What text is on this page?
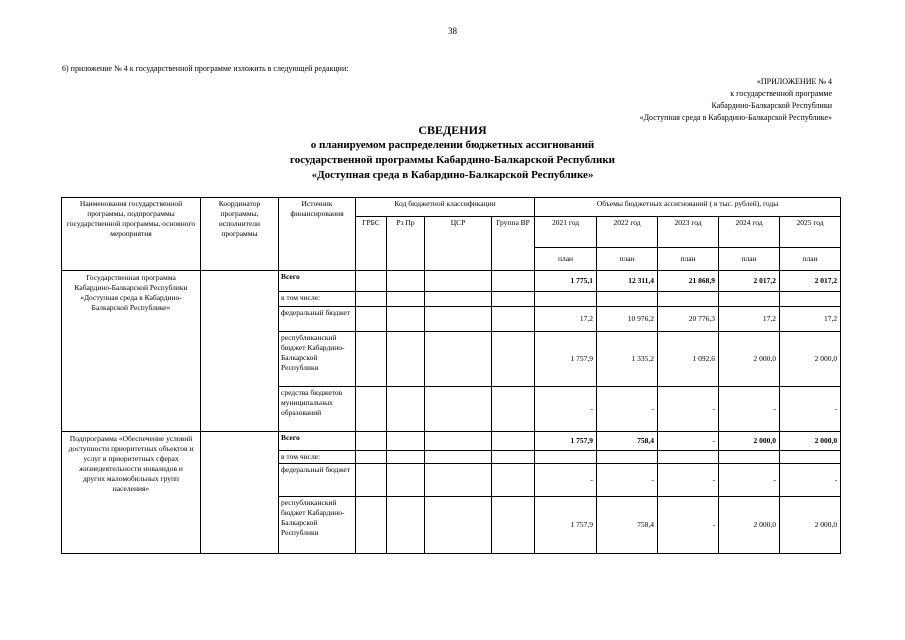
38
6) приложение № 4 к государственной программе изложить в следующей редакции:
«ПРИЛОЖЕНИЕ № 4
к государственной программе
Кабардино-Балкарской Республики
«Доступная среда в Кабардино-Балкарской Республике»
СВЕДЕНИЯ
о планируемом распределении бюджетных ассигнований
государственной программы Кабардино-Балкарской Республики
«Доступная среда в Кабардино-Балкарской Республике»
Наименования государственной программы, подпрограммы государственной программы, основного мероприятия	Координатор программы, исполнители программы	Источник финансирования	Код бюджетной классификации				Объемы бюджетных ассигнований ( в тыс. рублей), годы				
			ГРБС	Рз Пр	ЦСР	Группа ВР	2021 год	2022 год	2023 год	2024 год	2025 год
							план	план	план	план	план
Государственная программа Кабардино-Балкарской Республики «Доступная среда в Кабардино-Балкарской Республике»		Всего					1 775,1	12 311,4	21 868,9	2 017,2	2 017,2
		в том числе:									
		федеральный бюджет					17,2	10 976,2	20 776,3	17,2	17,2
		республиканский бюджет Кабардино-Балкарской Республики					1 757,9	1 335,2	1 092,6	2 000,0	2 000,0
		средства бюджетов муниципальных образований					-	-	-	-	-
Подпрограмма «Обеспечение условий доступности приоритетных объектов и услуг в приоритетных сферах жизнедеятельности инвалидов и других маломобильных групп населения»		Всего					1 757,9	758,4	-	2 000,0	2 000,0
		в том числе:									
		федеральный бюджет					-	-	-	-	-
		республиканский бюджет Кабардино-Балкарской Республики					1 757,9	758,4	-	2 000,0	2 000,0
